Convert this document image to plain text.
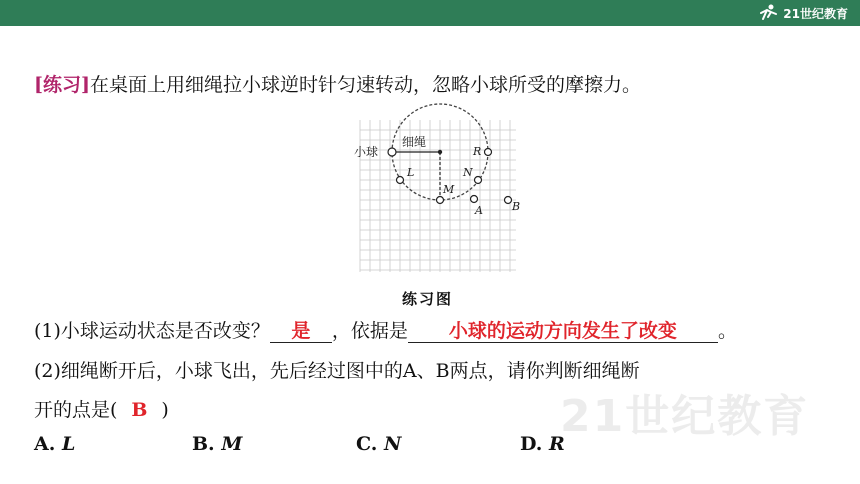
21世纪教育
[练习]在桌面上用细绳拉小球逆时针匀速转动，忽略小球所受的摩擦力。
小球
细绳
L
M
N
R
A	B
练习图
(1)小球运动状态是否改变？ 是 ，依据是 小球的运动方向发生了改变 。
(2)细绳断开后，小球飞出，先后经过图中的A、B两点，请你判断细绳断
开的点是( B )
A. L	B. M	C. N	D. R
21世纪教育
